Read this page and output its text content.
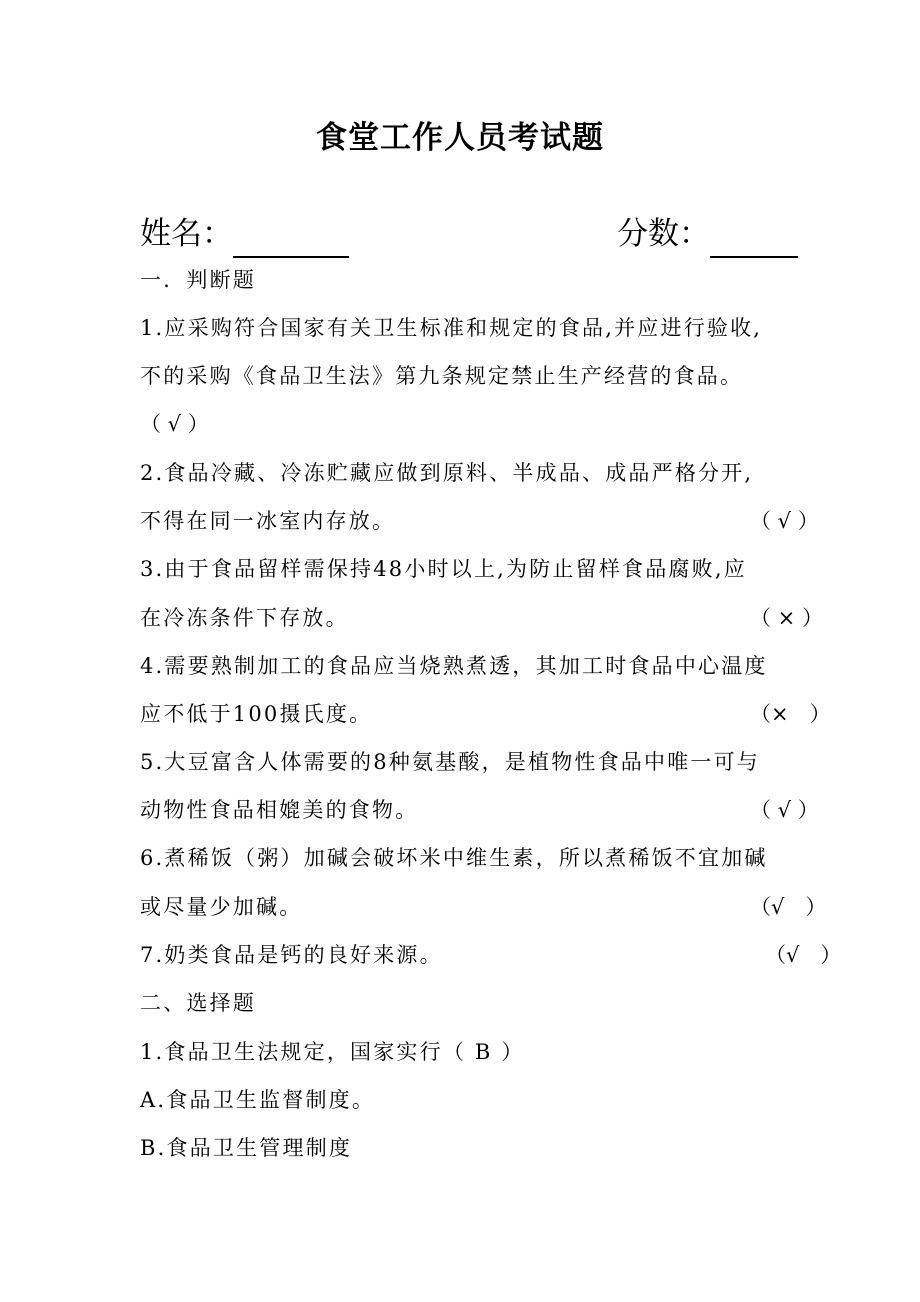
食堂工作人员考试题
姓名：	分数：
一．判断题
1.应采购符合国家有关卫生标准和规定的食品,并应进行验收,
不的采购《食品卫生法》第九条规定禁止生产经营的食品。
（ √ ）
2.食品冷藏、冷冻贮藏应做到原料、半成品、成品严格分开,
不得在同一冰室内存放。	（ √ ）
3.由于食品留样需保持48小时以上,为防止留样食品腐败,应
在冷冻条件下存放。	（ × ）
4.需要熟制加工的食品应当烧熟煮透，其加工时食品中心温度
应不低于100摄氏度。	（×　）
5.大豆富含人体需要的8种氨基酸，是植物性食品中唯一可与
动物性食品相媲美的食物。	（ √ ）
6.煮稀饭（粥）加碱会破坏米中维生素，所以煮稀饭不宜加碱
或尽量少加碱。	（√　）
7.奶类食品是钙的良好来源。	（√　）
二、选择题
1.食品卫生法规定，国家实行（ B ）
A.食品卫生监督制度。
B.食品卫生管理制度
